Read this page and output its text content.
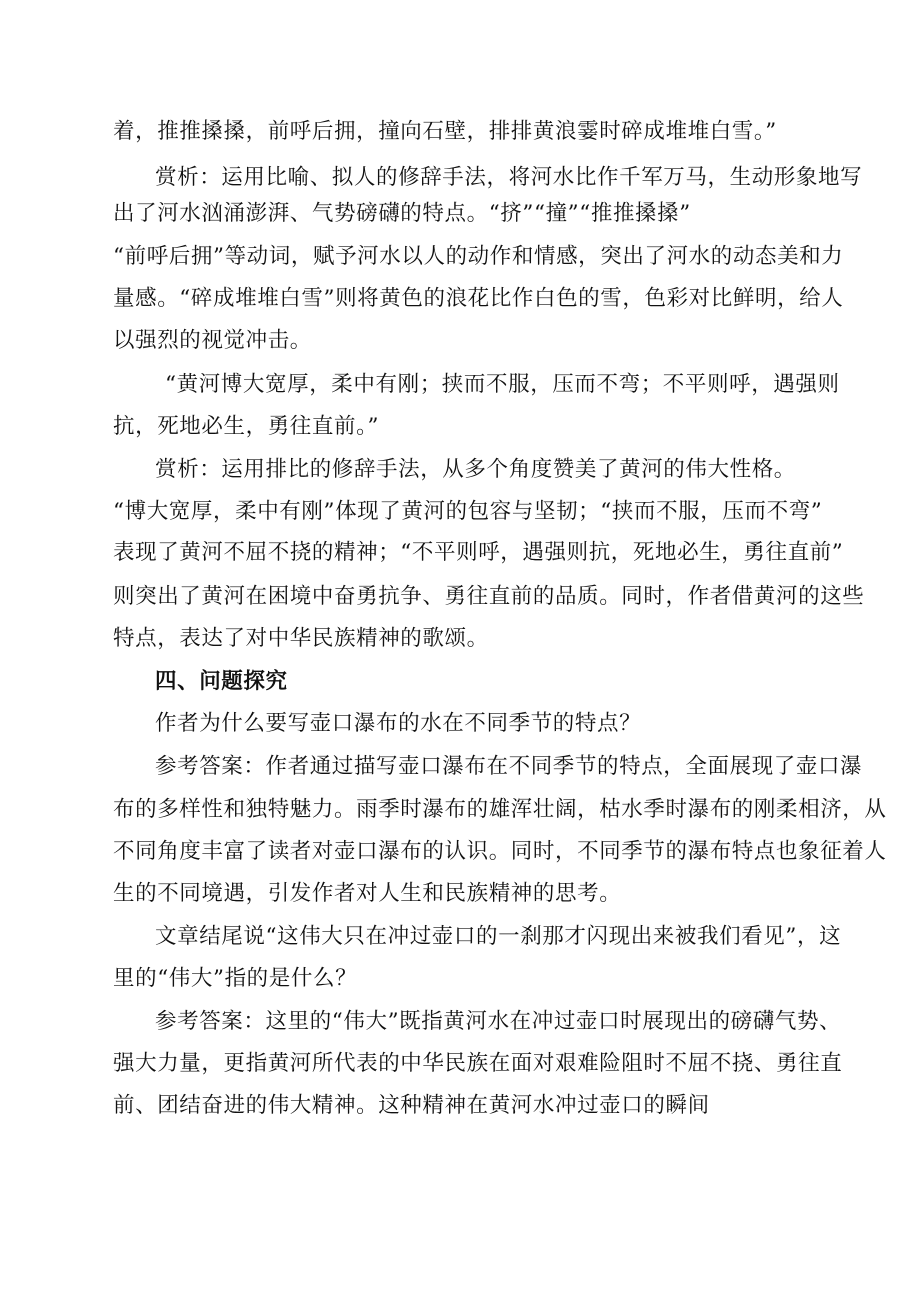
着，推推搡搡，前呼后拥，撞向石壁，排排黄浪霎时碎成堆堆白雪。”
赏析：运用比喻、拟人的修辞手法，将河水比作千军万马，生动形象地写
出了河水汹涌澎湃、气势磅礴的特点。“挤”“撞”“推推搡搡”
“前呼后拥”等动词，赋予河水以人的动作和情感，突出了河水的动态美和力
量感。“碎成堆堆白雪”则将黄色的浪花比作白色的雪，色彩对比鲜明，给人
以强烈的视觉冲击。
“黄河博大宽厚，柔中有刚；挟而不服，压而不弯；不平则呼，遇强则
抗，死地必生，勇往直前。”
赏析：运用排比的修辞手法，从多个角度赞美了黄河的伟大性格。
“博大宽厚，柔中有刚”体现了黄河的包容与坚韧；“挟而不服，压而不弯”
表现了黄河不屈不挠的精神；“不平则呼，遇强则抗，死地必生，勇往直前”
则突出了黄河在困境中奋勇抗争、勇往直前的品质。同时，作者借黄河的这些
特点，表达了对中华民族精神的歌颂。
四、问题探究
作者为什么要写壶口瀑布的水在不同季节的特点？
参考答案：作者通过描写壶口瀑布在不同季节的特点，全面展现了壶口瀑
布的多样性和独特魅力。雨季时瀑布的雄浑壮阔，枯水季时瀑布的刚柔相济，从
不同角度丰富了读者对壶口瀑布的认识。同时，不同季节的瀑布特点也象征着人
生的不同境遇，引发作者对人生和民族精神的思考。
文章结尾说“这伟大只在冲过壶口的一刹那才闪现出来被我们看见”，这
里的“伟大”指的是什么？
参考答案：这里的“伟大”既指黄河水在冲过壶口时展现出的磅礴气势、
强大力量，更指黄河所代表的中华民族在面对艰难险阻时不屈不挠、勇往直
前、团结奋进的伟大精神。这种精神在黄河水冲过壶口的瞬间
